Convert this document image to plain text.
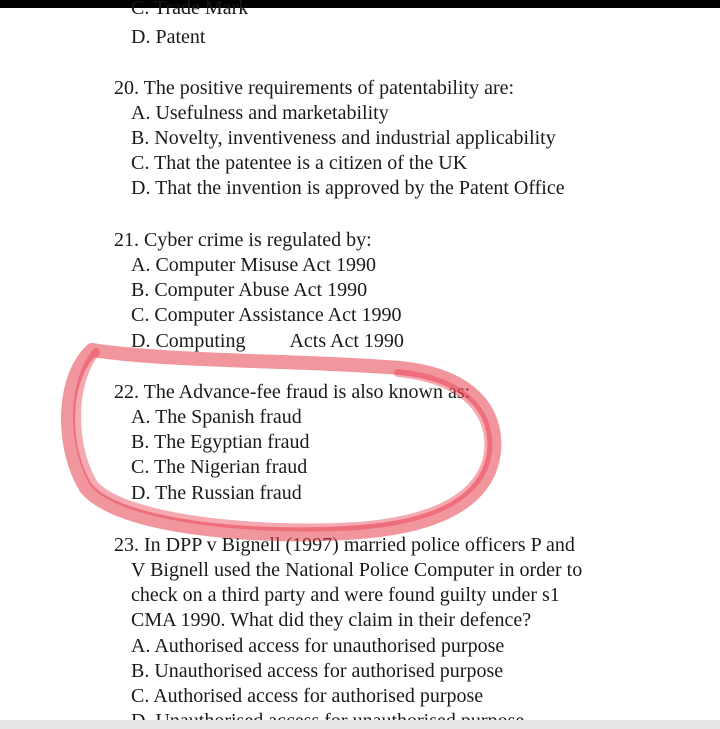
C. Trade Mark
D. Patent
20. The positive requirements of patentability are:
A. Usefulness and marketability
B. Novelty, inventiveness and industrial applicability
C. That the patentee is a citizen of the UK
D. That the invention is approved by the Patent Office
21. Cyber crime is regulated by:
A. Computer Misuse Act 1990
B. Computer Abuse Act 1990
C. Computer Assistance Act 1990
D. Computing Acts Act 1990
22. The Advance-fee fraud is also known as:
A. The Spanish fraud
B. The Egyptian fraud
C. The Nigerian fraud
D. The Russian fraud
23. In DPP v Bignell (1997) married police officers P and
V Bignell used the National Police Computer in order to
check on a third party and were found guilty under s1
CMA 1990. What did they claim in their defence?
A. Authorised access for unauthorised purpose
B. Unauthorised access for authorised purpose
C. Authorised access for authorised purpose
